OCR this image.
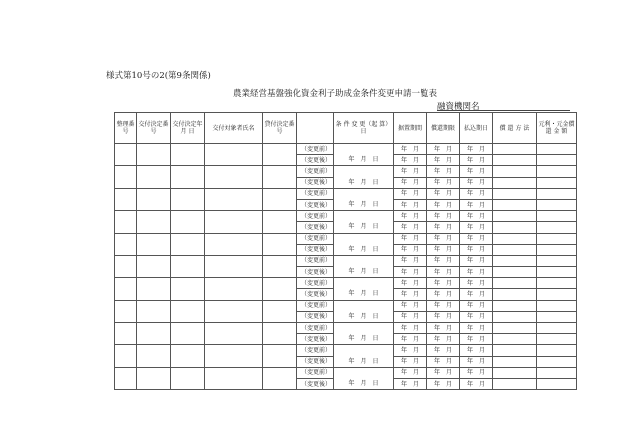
様式第10号の2(第9条関係)
農業経営基盤強化資金利子助成金条件変更申請一覧表
融資機関名
整理番号	交付決定番 号	交付決定年 月 日	交付対象者氏名	貸付決定番 号		条 件 変 更（起 算）日	据置期間	償還期限	払込期日	償 還 方 法	元利・元金償 還 金 額
					（変更前）	年　月　日	年　月	年　月	年　月		
					（変更後）		年　月	年　月	年　月		
					（変更前）	年　月　日	年　月	年　月	年　月		
					（変更後）		年　月	年　月	年　月		
					（変更前）	年　月　日	年　月	年　月	年　月		
					（変更後）		年　月	年　月	年　月		
					（変更前）	年　月　日	年　月	年　月	年　月		
					（変更後）		年　月	年　月	年　月		
					（変更前）	年　月　日	年　月	年　月	年　月		
					（変更後）		年　月	年　月	年　月		
					（変更前）	年　月　日	年　月	年　月	年　月		
					（変更後）		年　月	年　月	年　月		
					（変更前）	年　月　日	年　月	年　月	年　月		
					（変更後）		年　月	年　月	年　月		
					（変更前）	年　月　日	年　月	年　月	年　月		
					（変更後）		年　月	年　月	年　月		
					（変更前）	年　月　日	年　月	年　月	年　月		
					（変更後）		年　月	年　月	年　月		
					（変更前）	年　月　日	年　月	年　月	年　月		
					（変更後）		年　月	年　月	年　月		
					（変更前）	年　月　日	年　月	年　月	年　月		
					（変更後）		年　月	年　月	年　月		
